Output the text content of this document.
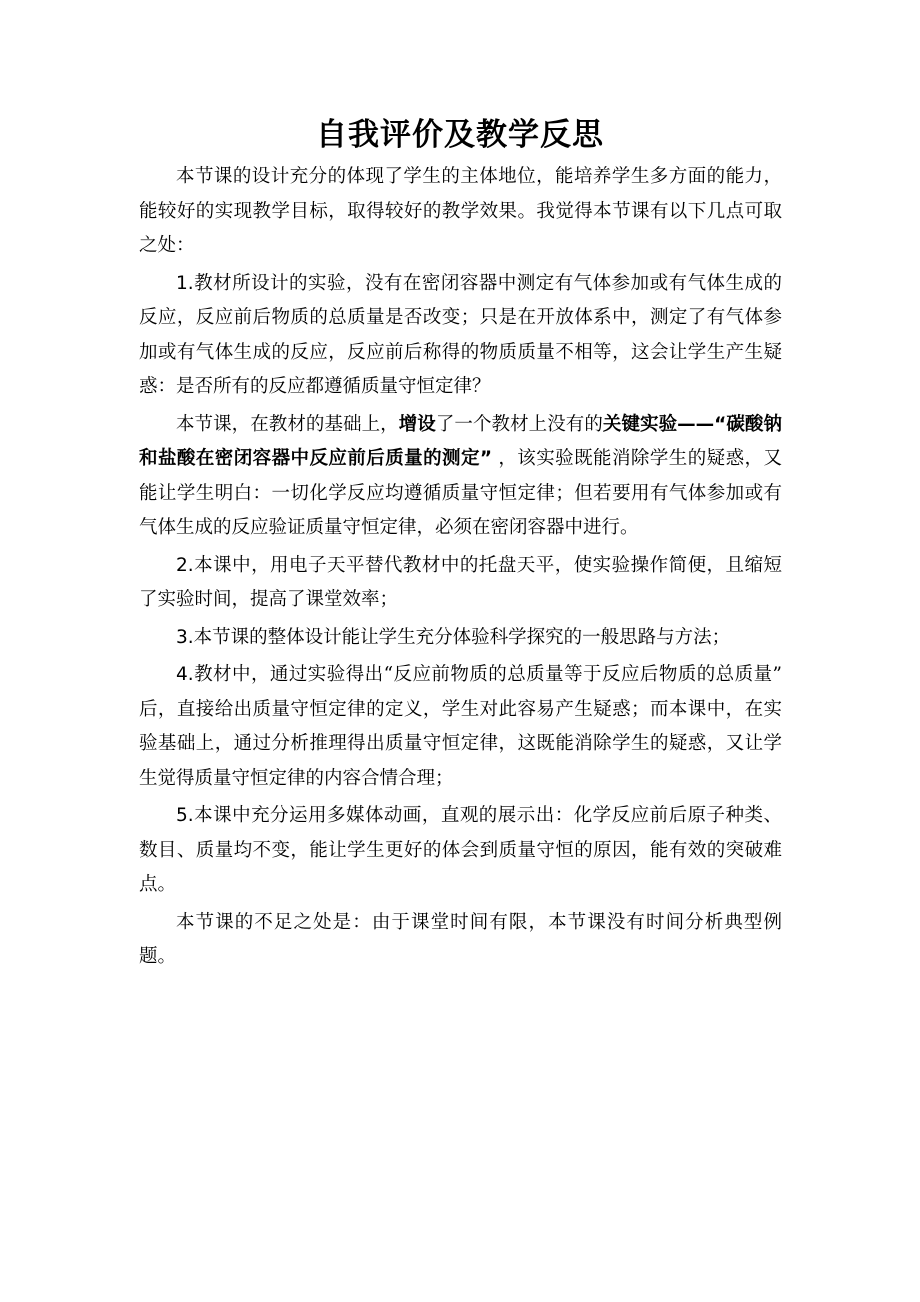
自我评价及教学反思

本节课的设计充分的体现了学生的主体地位，能培养学生多方面的能力，能较好的实现教学目标，取得较好的教学效果。我觉得本节课有以下几点可取之处：

1.教材所设计的实验，没有在密闭容器中测定有气体参加或有气体生成的反应，反应前后物质的总质量是否改变；只是在开放体系中，测定了有气体参加或有气体生成的反应，反应前后称得的物质质量不相等，这会让学生产生疑惑：是否所有的反应都遵循质量守恒定律？

本节课，在教材的基础上，增设了一个教材上没有的关键实验——“碳酸钠和盐酸在密闭容器中反应前后质量的测定” ，该实验既能消除学生的疑惑，又能让学生明白：一切化学反应均遵循质量守恒定律；但若要用有气体参加或有气体生成的反应验证质量守恒定律，必须在密闭容器中进行。

2.本课中，用电子天平替代教材中的托盘天平，使实验操作简便，且缩短了实验时间，提高了课堂效率；

3.本节课的整体设计能让学生充分体验科学探究的一般思路与方法；

4.教材中，通过实验得出“反应前物质的总质量等于反应后物质的总质量” 后，直接给出质量守恒定律的定义，学生对此容易产生疑惑；而本课中，在实验基础上，通过分析推理得出质量守恒定律，这既能消除学生的疑惑，又让学生觉得质量守恒定律的内容合情合理；

5.本课中充分运用多媒体动画，直观的展示出：化学反应前后原子种类、数目、质量均不变，能让学生更好的体会到质量守恒的原因，能有效的突破难点。

本节课的不足之处是：由于课堂时间有限，本节课没有时间分析典型例题。
